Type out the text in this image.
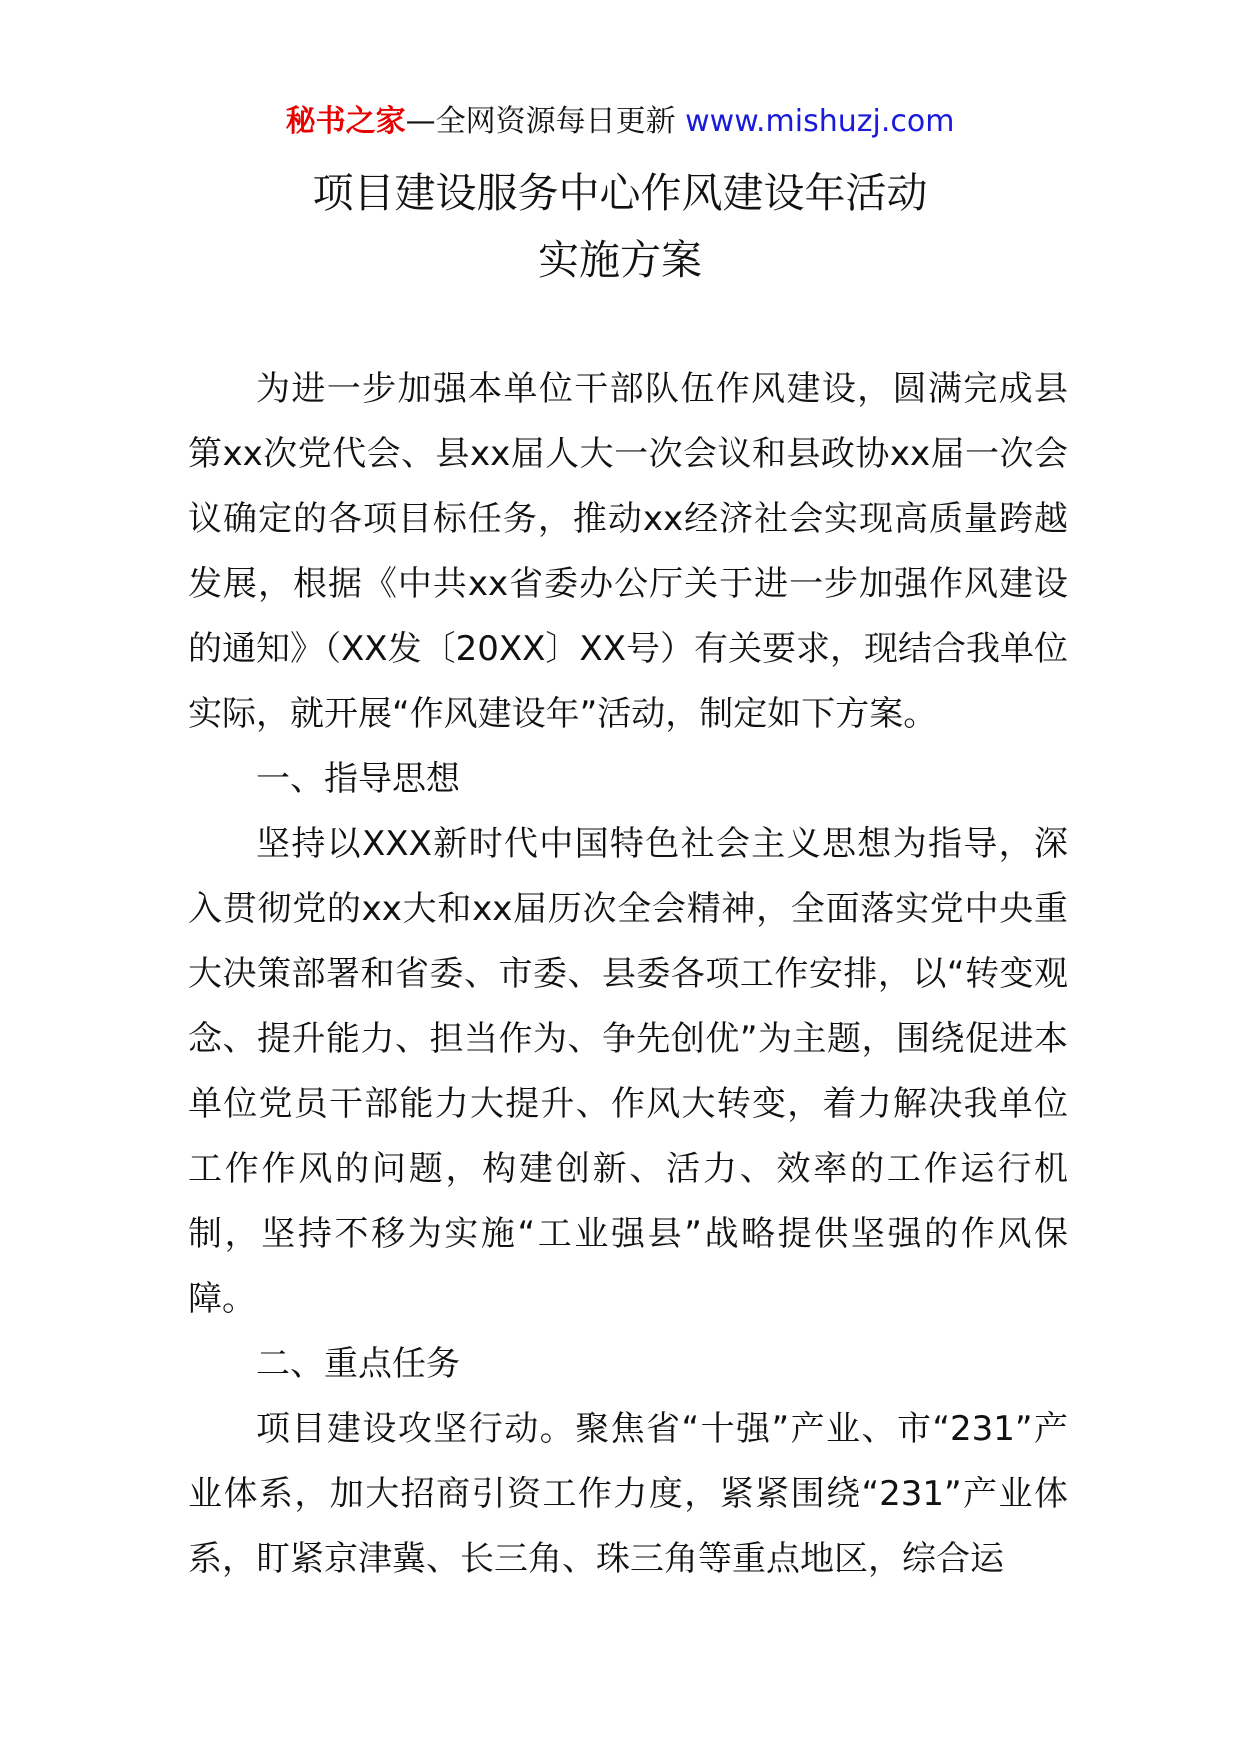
秘书之家—全网资源每日更新 www.mishuzj.com
项目建设服务中心作风建设年活动
实施方案

为进一步加强本单位干部队伍作风建设，圆满完成县第xx次党代会、县xx届人大一次会议和县政协xx届一次会议确定的各项目标任务，推动xx经济社会实现高质量跨越发展，根据《中共xx省委办公厅关于进一步加强作风建设的通知》（XX发〔20XX〕XX号）有关要求，现结合我单位实际，就开展“作风建设年”活动，制定如下方案。

一、指导思想

坚持以XXX新时代中国特色社会主义思想为指导，深入贯彻党的xx大和xx届历次全会精神，全面落实党中央重大决策部署和省委、市委、县委各项工作安排，以“转变观念、提升能力、担当作为、争先创优”为主题，围绕促进本单位党员干部能力大提升、作风大转变，着力解决我单位工作作风的问题，构建创新、活力、效率的工作运行机制，坚持不移为实施“工业强县”战略提供坚强的作风保障。

二、重点任务

项目建设攻坚行动。聚焦省“十强”产业、市“231”产业体系，加大招商引资工作力度，紧紧围绕“231”产业体系，盯紧京津冀、长三角、珠三角等重点地区，综合运
